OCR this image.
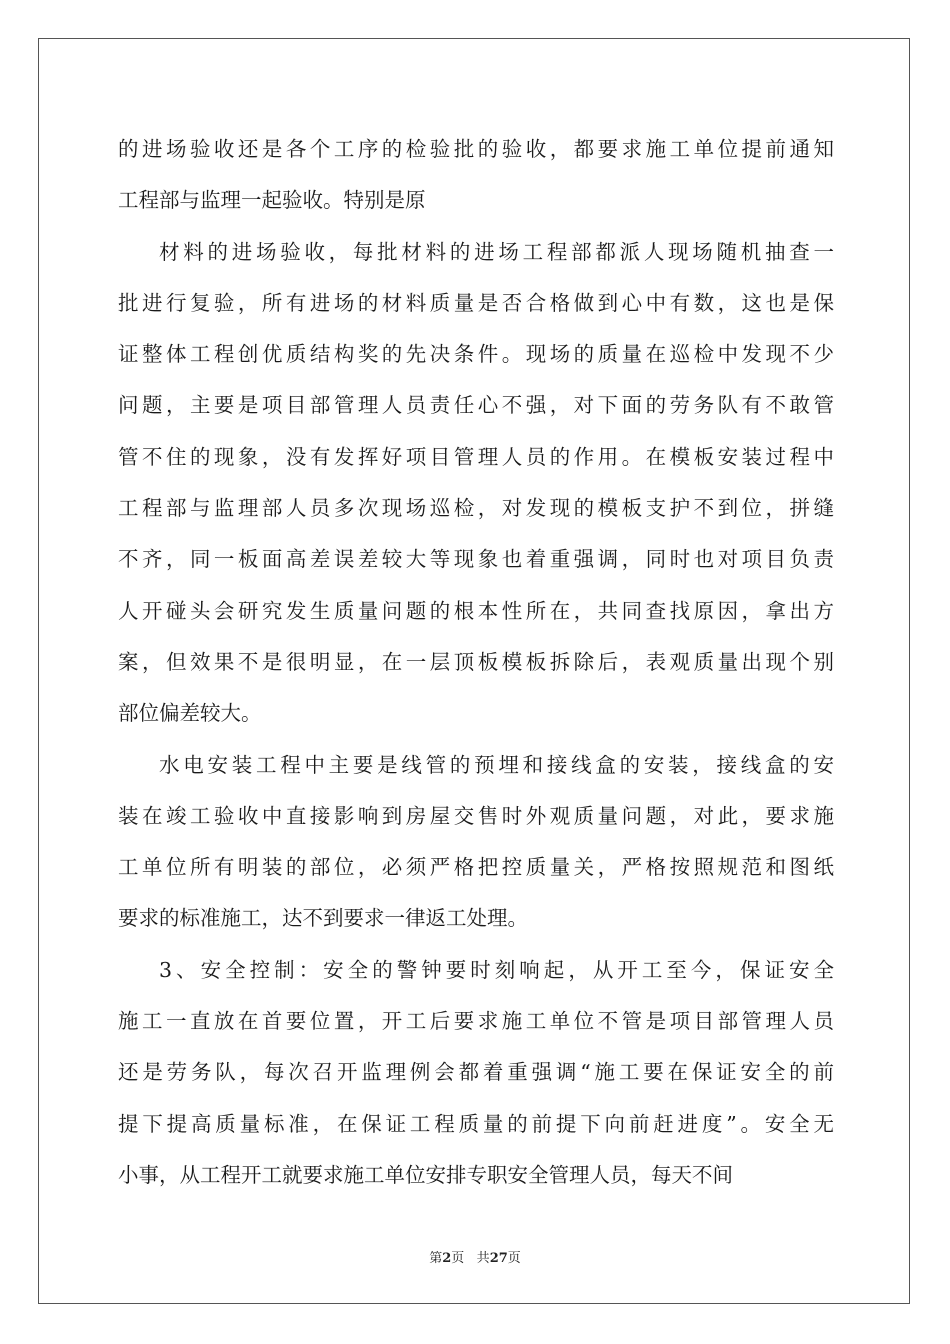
的进场验收还是各个工序的检验批的验收，都要求施工单位提前通知
工程部与监理一起验收。特别是原
材料的进场验收，每批材料的进场工程部都派人现场随机抽查一
批进行复验，所有进场的材料质量是否合格做到心中有数，这也是保
证整体工程创优质结构奖的先决条件。现场的质量在巡检中发现不少
问题，主要是项目部管理人员责任心不强，对下面的劳务队有不敢管
管不住的现象，没有发挥好项目管理人员的作用。在模板安装过程中
工程部与监理部人员多次现场巡检，对发现的模板支护不到位，拼缝
不齐，同一板面高差误差较大等现象也着重强调，同时也对项目负责
人开碰头会研究发生质量问题的根本性所在，共同查找原因，拿出方
案，但效果不是很明显，在一层顶板模板拆除后，表观质量出现个别
部位偏差较大。
水电安装工程中主要是线管的预埋和接线盒的安装，接线盒的安
装在竣工验收中直接影响到房屋交售时外观质量问题，对此，要求施
工单位所有明装的部位，必须严格把控质量关，严格按照规范和图纸
要求的标准施工，达不到要求一律返工处理。
3、安全控制：安全的警钟要时刻响起，从开工至今，保证安全
施工一直放在首要位置，开工后要求施工单位不管是项目部管理人员
还是劳务队，每次召开监理例会都着重强调“施工要在保证安全的前
提下提高质量标准，在保证工程质量的前提下向前赶进度”。安全无
小事，从工程开工就要求施工单位安排专职安全管理人员，每天不间
第2页 共27页
